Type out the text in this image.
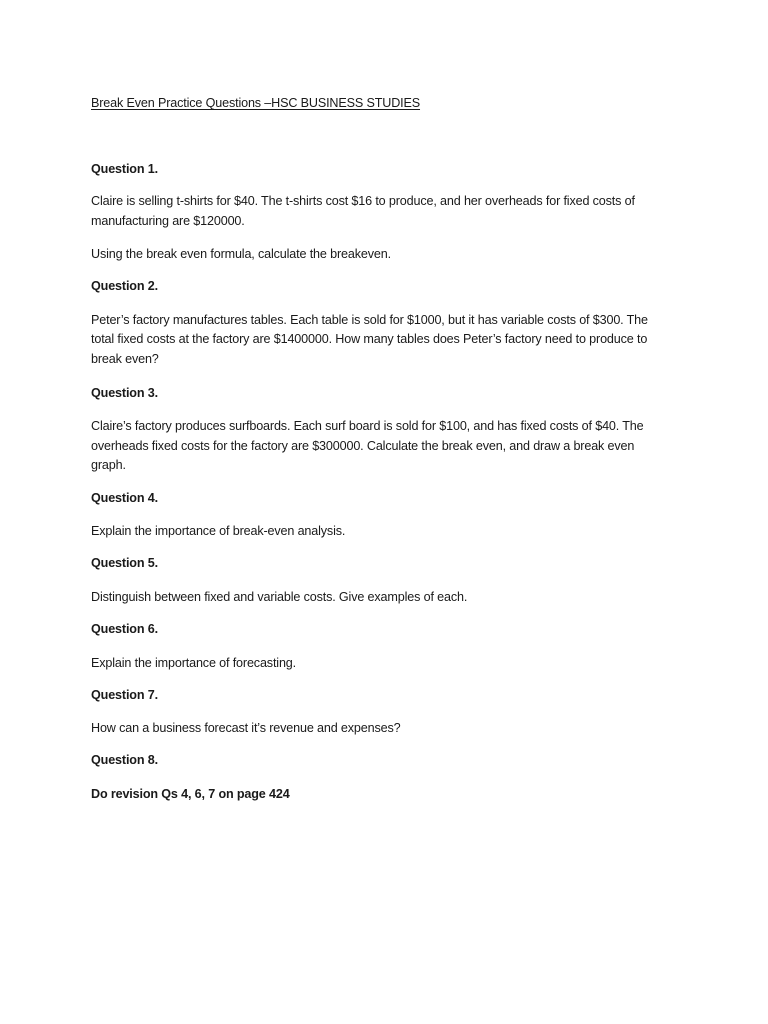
Break Even Practice Questions –HSC BUSINESS STUDIES
Question 1.
Claire is selling t-shirts for $40. The t-shirts cost $16 to produce, and her overheads for fixed costs of
manufacturing are $120000.
Using the break even formula, calculate the breakeven.
Question 2.
Peter’s factory manufactures tables. Each table is sold for $1000, but it has variable costs of $300. The
total fixed costs at the factory are $1400000. How many tables does Peter’s factory need to produce to
break even?
Question 3.
Claire’s factory produces surfboards. Each surf board is sold for $100, and has fixed costs of $40. The
overheads fixed costs for the factory are $300000. Calculate the break even, and draw a break even
graph.
Question 4.
Explain the importance of break-even analysis.
Question 5.
Distinguish between fixed and variable costs. Give examples of each.
Question 6.
Explain the importance of forecasting.
Question 7.
How can a business forecast it’s revenue and expenses?
Question 8.
Do revision Qs 4, 6, 7 on page 424
